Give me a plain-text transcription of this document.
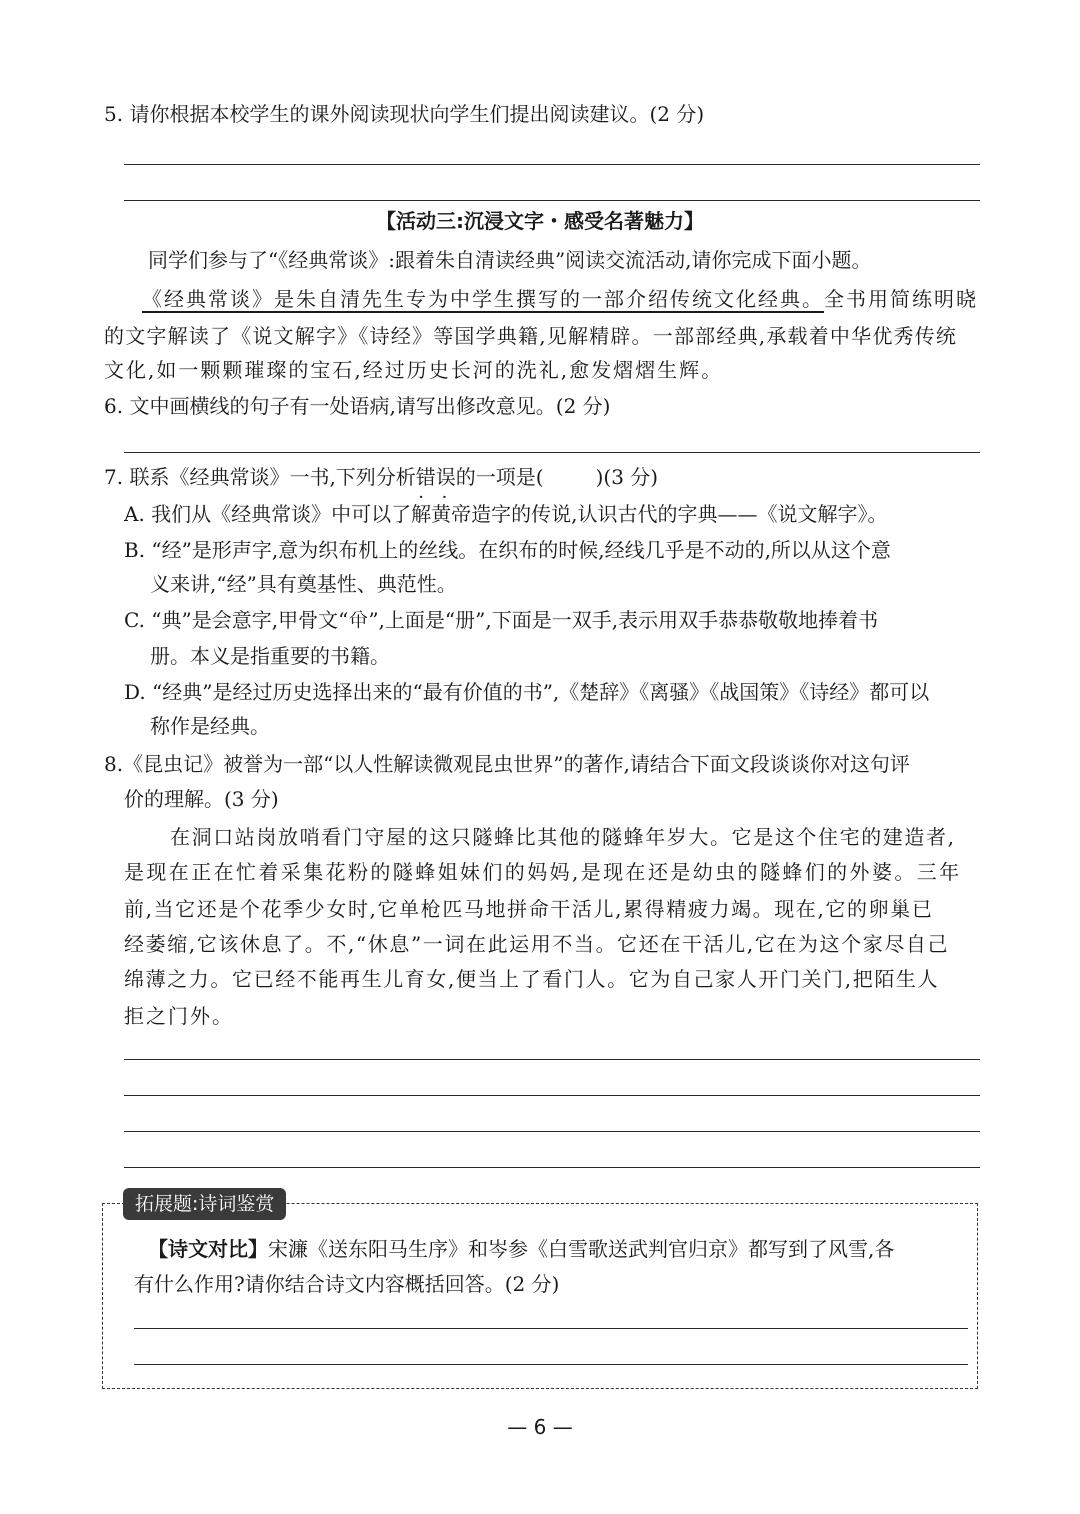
5. 请你根据本校学生的课外阅读现状向学生们提出阅读建议。(2 分)
【活动三:沉浸文字・感受名著魅力】
同学们参与了“《经典常谈》:跟着朱自清读经典”阅读交流活动,请你完成下面小题。
《经典常谈》是朱自清先生专为中学生撰写的一部介绍传统文化经典。全书用简练明晓
的文字解读了《说文解字》《诗经》等国学典籍,见解精辟。一部部经典,承载着中华优秀传统
文化,如一颗颗璀璨的宝石,经过历史长河的洗礼,愈发熠熠生辉。
6. 文中画横线的句子有一处语病,请写出修改意见。(2 分)
7. 联系《经典常谈》一书,下列分析错误 · ·的一项是(	)(3 分)
A. 我们从《经典常谈》中可以了解黄帝造字的传说,认识古代的字典——《说文解字》。
B. “经”是形声字,意为织布机上的丝线。在织布的时候,经线几乎是不动的,所以从这个意
义来讲,“经”具有奠基性、典范性。
C. “典”是会意字,甲骨文“𠔈”,上面是“册”,下面是一双手,表示用双手恭恭敬敬地捧着书
册。本义是指重要的书籍。
D. “经典”是经过历史选择出来的“最有价值的书”,《楚辞》《离骚》《战国策》《诗经》都可以
称作是经典。
8.《昆虫记》被誉为一部“以人性解读微观昆虫世界”的著作,请结合下面文段谈谈你对这句评
价的理解。(3 分)
在洞口站岗放哨看门守屋的这只隧蜂比其他的隧蜂年岁大。它是这个住宅的建造者,
是现在正在忙着采集花粉的隧蜂姐妹们的妈妈,是现在还是幼虫的隧蜂们的外婆。三年
前,当它还是个花季少女时,它单枪匹马地拼命干活儿,累得精疲力竭。现在,它的卵巢已
经萎缩,它该休息了。不,“休息”一词在此运用不当。它还在干活儿,它在为这个家尽自己
绵薄之力。它已经不能再生儿育女,便当上了看门人。它为自己家人开门关门,把陌生人
拒之门外。
拓展题:诗词鉴赏
【诗文对比】宋濂《送东阳马生序》和岑参《白雪歌送武判官归京》都写到了风雪,各
有什么作用?请你结合诗文内容概括回答。(2 分)
— 6 —
